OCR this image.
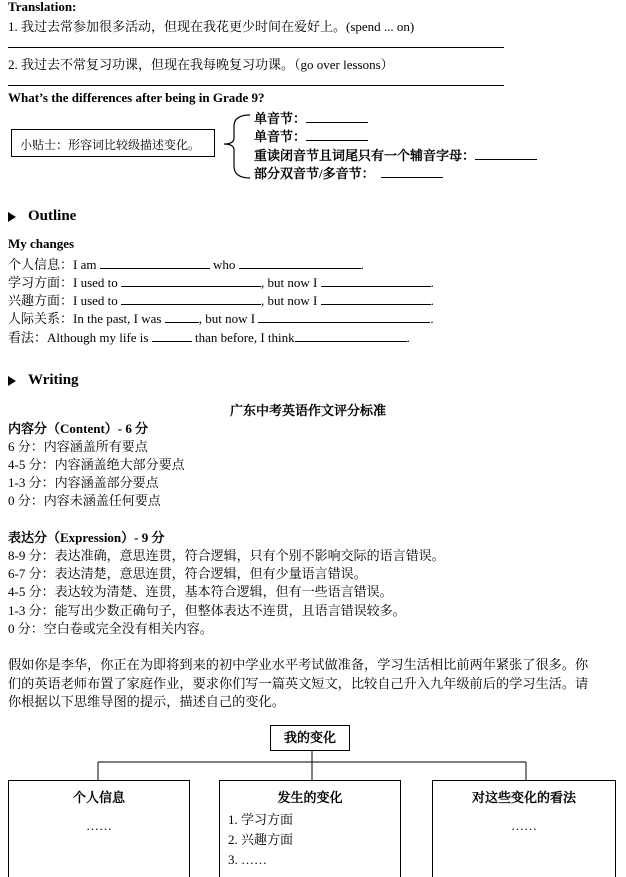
Translation:
1. 我过去常参加很多活动，但现在我花更少时间在爱好上。(spend ... on)
2. 我过去不常复习功课，但现在我每晚复习功课。（go over lessons）
What’s the differences after being in Grade 9?
小贴士：形容词比较级描述变化。
单音节：
单音节：
重读闭音节且词尾只有一个辅音字母：
部分双音节/多音节：
Outline
My changes
个人信息：I am	who	.
学习方面：I used to	, but now I	.
兴趣方面：I used to	, but now I	.
人际关系：In the past, I was	, but now I	.
看法：Although my life is	than before, I think	.
Writing
广东中考英语作文评分标准
内容分（Content）- 6 分
6 分：内容涵盖所有要点
4-5 分：内容涵盖绝大部分要点
1-3 分：内容涵盖部分要点
0 分：内容未涵盖任何要点
表达分（Expression）- 9 分
8-9 分：表达准确，意思连贯，符合逻辑，只有个别不影响交际的语言错误。
6-7 分：表达清楚，意思连贯，符合逻辑，但有少量语言错误。
4-5 分：表达较为清楚、连贯，基本符合逻辑，但有一些语言错误。
1-3 分：能写出少数正确句子，但整体表达不连贯，且语言错误较多。
0 分：空白卷或完全没有相关内容。
假如你是李华，你正在为即将到来的初中学业水平考试做准备，学习生活相比前两年紧张了很多。你
们的英语老师布置了家庭作业，要求你们写一篇英文短文，比较自己升入九年级前后的学习生活。请
你根据以下思维导图的提示，描述自己的变化。
我的变化
个人信息
……
发生的变化
1. 学习方面
2. 兴趣方面
3. ……
对这些变化的看法
……
